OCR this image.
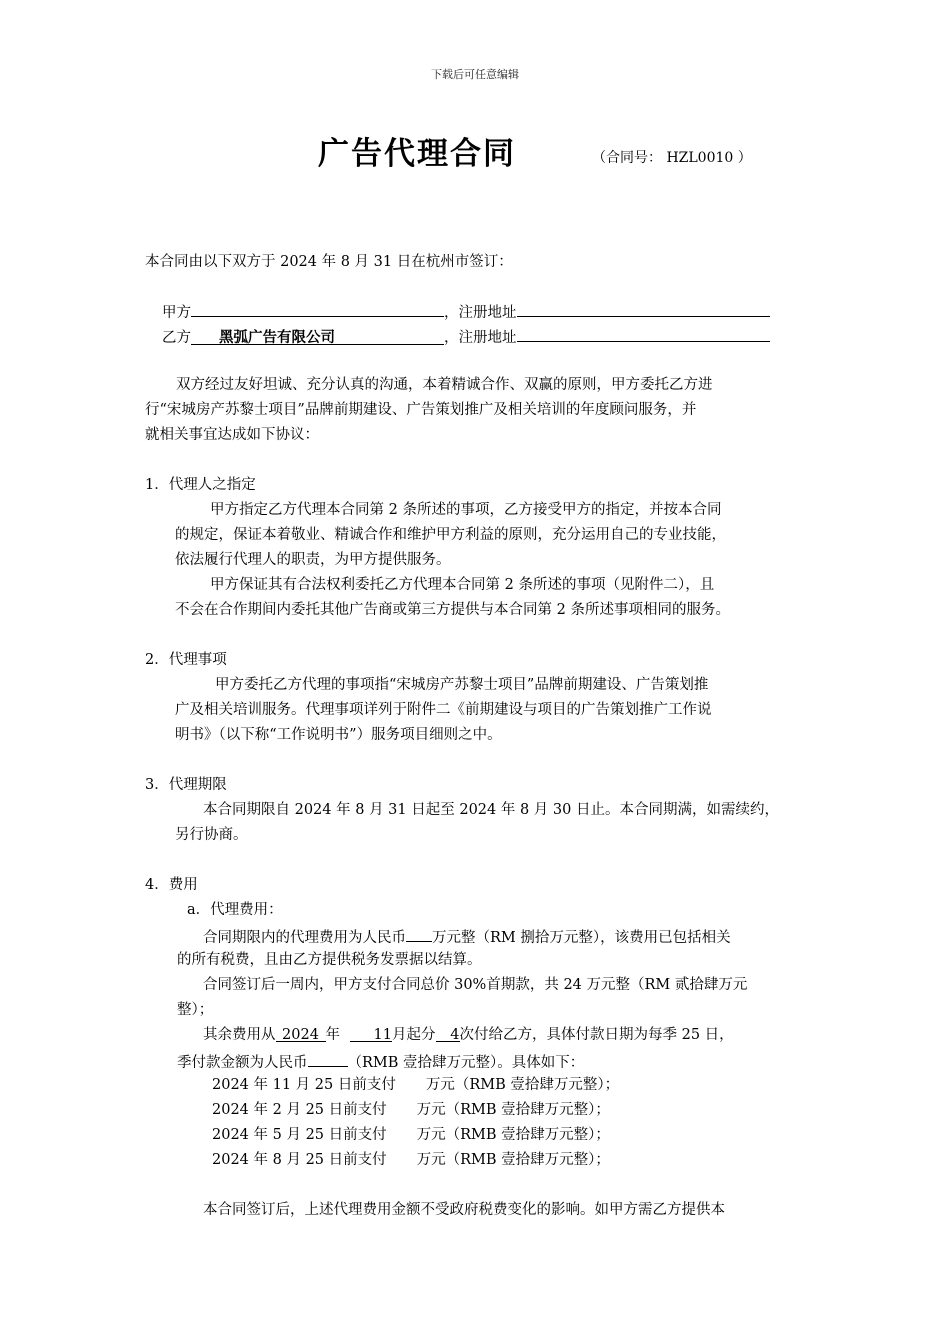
下载后可任意编辑
广告代理合同	（合同号： HZL0010 ）
本合同由以下双方于 2024 年 8 月 31 日在杭州市签订：
甲方	，注册地址
乙方 黑弧广告有限公司	，注册地址
双方经过友好坦诚、充分认真的沟通，本着精诚合作、双赢的原则，甲方委托乙方进
行“宋城房产苏黎士项目”品牌前期建设、广告策划推广及相关培训的年度顾问服务，并
就相关事宜达成如下协议：
1．代理人之指定
甲方指定乙方代理本合同第 2 条所述的事项，乙方接受甲方的指定，并按本合同
的规定，保证本着敬业、精诚合作和维护甲方利益的原则，充分运用自己的专业技能，
依法履行代理人的职责，为甲方提供服务。
甲方保证其有合法权利委托乙方代理本合同第 2 条所述的事项（见附件二），且
不会在合作期间内委托其他广告商或第三方提供与本合同第 2 条所述事项相同的服务。
2．代理事项
甲方委托乙方代理的事项指“宋城房产苏黎士项目”品牌前期建设、广告策划推
广及相关培训服务。代理事项详列于附件二《前期建设与项目的广告策划推广工作说
明书》（以下称“工作说明书”）服务项目细则之中。
3．代理期限
本合同期限自 2024 年 8 月 31 日起至 2024 年 8 月 30 日止。本合同期满，如需续约，
另行协商。
4．费用
a．代理费用：
合同期限内的代理费用为人民币 万元整（RM 捌拾万元整），该费用已包括相关
的所有税费，且由乙方提供税务发票据以结算。
合同签订后一周内，甲方支付合同总价 30%首期款，共 24 万元整（RM 贰拾肆万元
整）；
其余费用从 2024 年 11月起分 4次付给乙方，具体付款日期为每季 25 日，
季付款金额为人民币	（RMB 壹拾肆万元整）。具体如下：
2024 年 11 月 25 日前支付 万元（RMB 壹拾肆万元整）；
2024 年 2 月 25 日前支付 万元（RMB 壹拾肆万元整）；
2024 年 5 月 25 日前支付 万元（RMB 壹拾肆万元整）；
2024 年 8 月 25 日前支付 万元（RMB 壹拾肆万元整）；
本合同签订后，上述代理费用金额不受政府税费变化的影响。如甲方需乙方提供本
